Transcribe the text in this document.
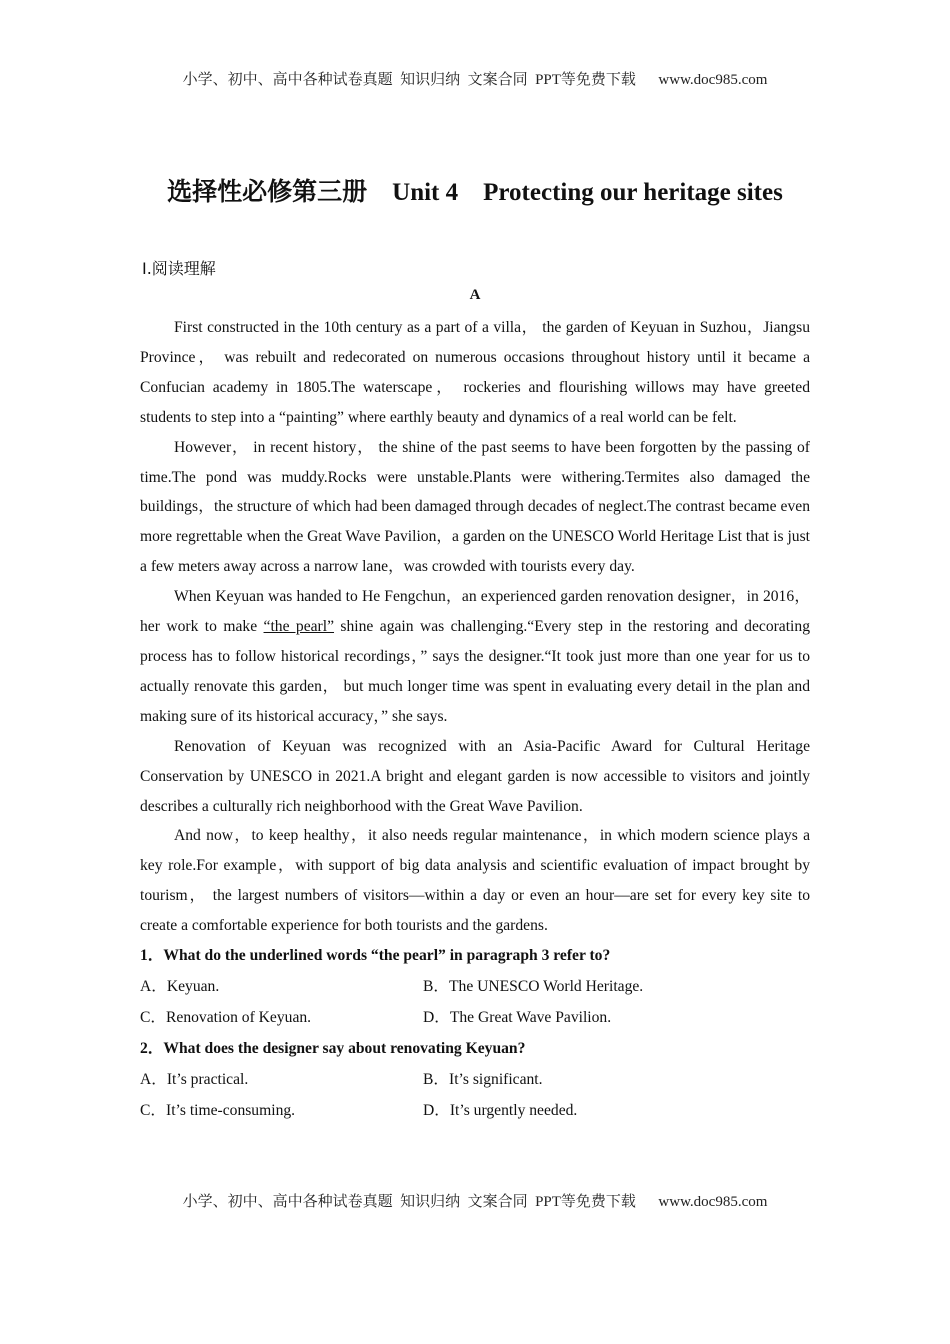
小学、初中、高中各种试卷真题  知识归纳  文案合同  PPT等免费下载      www.doc985.com
选择性必修第三册    Unit 4    Protecting our heritage sites
Ⅰ.阅读理解
A

First constructed in the 10th century as a part of a villa， the garden of Keyuan in Suzhou，Jiangsu Province， was rebuilt and redecorated on numerous occasions throughout history until it became a Confucian academy in 1805.The waterscape， rockeries and flourishing willows may have greeted students to step into a “painting” where earthly beauty and dynamics of a real world can be felt.

However， in recent history， the shine of the past seems to have been forgotten by the passing of time.The pond was muddy.Rocks were unstable.Plants were withering.Termites also damaged the buildings，the structure of which had been damaged through decades of neglect.The contrast became even more regrettable when the Great Wave Pavilion，a garden on the UNESCO World Heritage List that is just a few meters away across a narrow lane，was crowded with tourists every day.

When Keyuan was handed to He Fengchun，an experienced garden renovation designer，in 2016，her work to make “the pearl” shine again was challenging.“Every step in the restoring and decorating process has to follow historical recordings，” says the designer.“It took just more than one year for us to actually renovate this garden， but much longer time was spent in evaluating every detail in the plan and making sure of its historical accuracy，” she says.

Renovation of Keyuan was recognized with an Asia-Pacific Award for Cultural Heritage Conservation by UNESCO in 2021.A bright and elegant garden is now accessible to visitors and jointly describes a culturally rich neighborhood with the Great Wave Pavilion.

And now，to keep healthy，it also needs regular maintenance，in which modern science plays a key role.For example，with support of big data analysis and scientific evaluation of impact brought by tourism， the largest numbers of visitors—within a day or even an hour—are set for every key site to create a comfortable experience for both tourists and the gardens.

1．What do the underlined words “the pearl” in paragraph 3 refer to?

A．Keyuan.	B．The UNESCO World Heritage.
C．Renovation of Keyuan.	D．The Great Wave Pavilion.

2．What does the designer say about renovating Keyuan?

A．It’s practical.	B．It’s significant.
C．It’s time-consuming.	D．It’s urgently needed.
小学、初中、高中各种试卷真题  知识归纳  文案合同  PPT等免费下载      www.doc985.com
